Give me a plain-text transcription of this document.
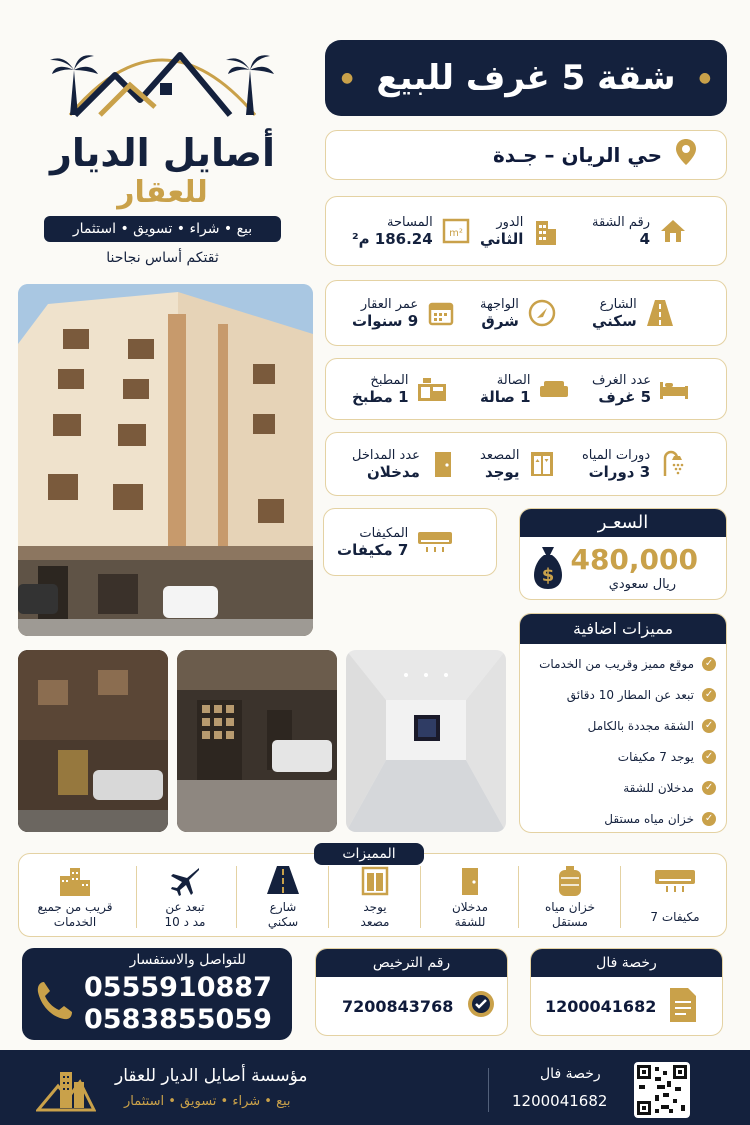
أصايل الديار
للعقار
بيع • شراء • تسويق • استثمار
ثقتكم أساس نجاحنا
● شقة 5 غرف للبيع ●
حي الريان – جـدة
رقم الشقة
4
الدور
الثاني
m²
المساحة
186.24 م²
الشارع
سكني
الواجهة
شرق
عمر العقار
9 سنوات
عدد الغرف
5 غرف
الصالة
1 صالة
المطبخ
1 مطبخ
دورات المياه
3 دورات
المصعد
يوجد
عدد المداخل
مدخلان
المكيفات
7 مكيفات
السعـر
$ 480,000
ريال سعودي
مميزات اضافية
✓
موقع مميز وقريب من الخدمات
✓
تبعد عن المطار 10 دقائق
✓
الشقة مجددة بالكامل
✓
يوجد 7 مكيفات
✓
مدخلان للشقة
✓
خزان مياه مستقل
المميزات
7 مكيفات
خزان مياه
مستقل
مدخلان
للشقة
يوجد
مصعد
شارع
سكني
تبعد عن
10 مد د
قريب من جميع
الخدمات
للتواصل والاستفسار
0555910887
0583855059
رقم الترخيص
7200843768
رخصة فال
1200041682
مؤسسة أصايل الديار للعقار
بيع • شراء • تسويق • استثمار
رخصة فال
1200041682
